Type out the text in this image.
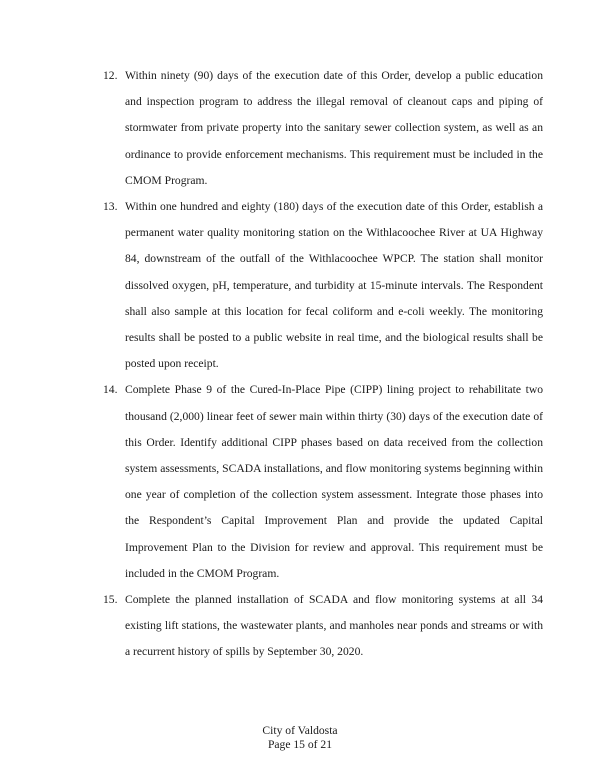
12. Within ninety (90) days of the execution date of this Order, develop a public education and inspection program to address the illegal removal of cleanout caps and piping of stormwater from private property into the sanitary sewer collection system, as well as an ordinance to provide enforcement mechanisms. This requirement must be included in the CMOM Program.
13. Within one hundred and eighty (180) days of the execution date of this Order, establish a permanent water quality monitoring station on the Withlacoochee River at UA Highway 84, downstream of the outfall of the Withlacoochee WPCP. The station shall monitor dissolved oxygen, pH, temperature, and turbidity at 15-minute intervals. The Respondent shall also sample at this location for fecal coliform and e-coli weekly. The monitoring results shall be posted to a public website in real time, and the biological results shall be posted upon receipt.
14. Complete Phase 9 of the Cured-In-Place Pipe (CIPP) lining project to rehabilitate two thousand (2,000) linear feet of sewer main within thirty (30) days of the execution date of this Order. Identify additional CIPP phases based on data received from the collection system assessments, SCADA installations, and flow monitoring systems beginning within one year of completion of the collection system assessment. Integrate those phases into the Respondent’s Capital Improvement Plan and provide the updated Capital Improvement Plan to the Division for review and approval. This requirement must be included in the CMOM Program.
15. Complete the planned installation of SCADA and flow monitoring systems at all 34 existing lift stations, the wastewater plants, and manholes near ponds and streams or with a recurrent history of spills by September 30, 2020.
City of Valdosta
Page 15 of 21
